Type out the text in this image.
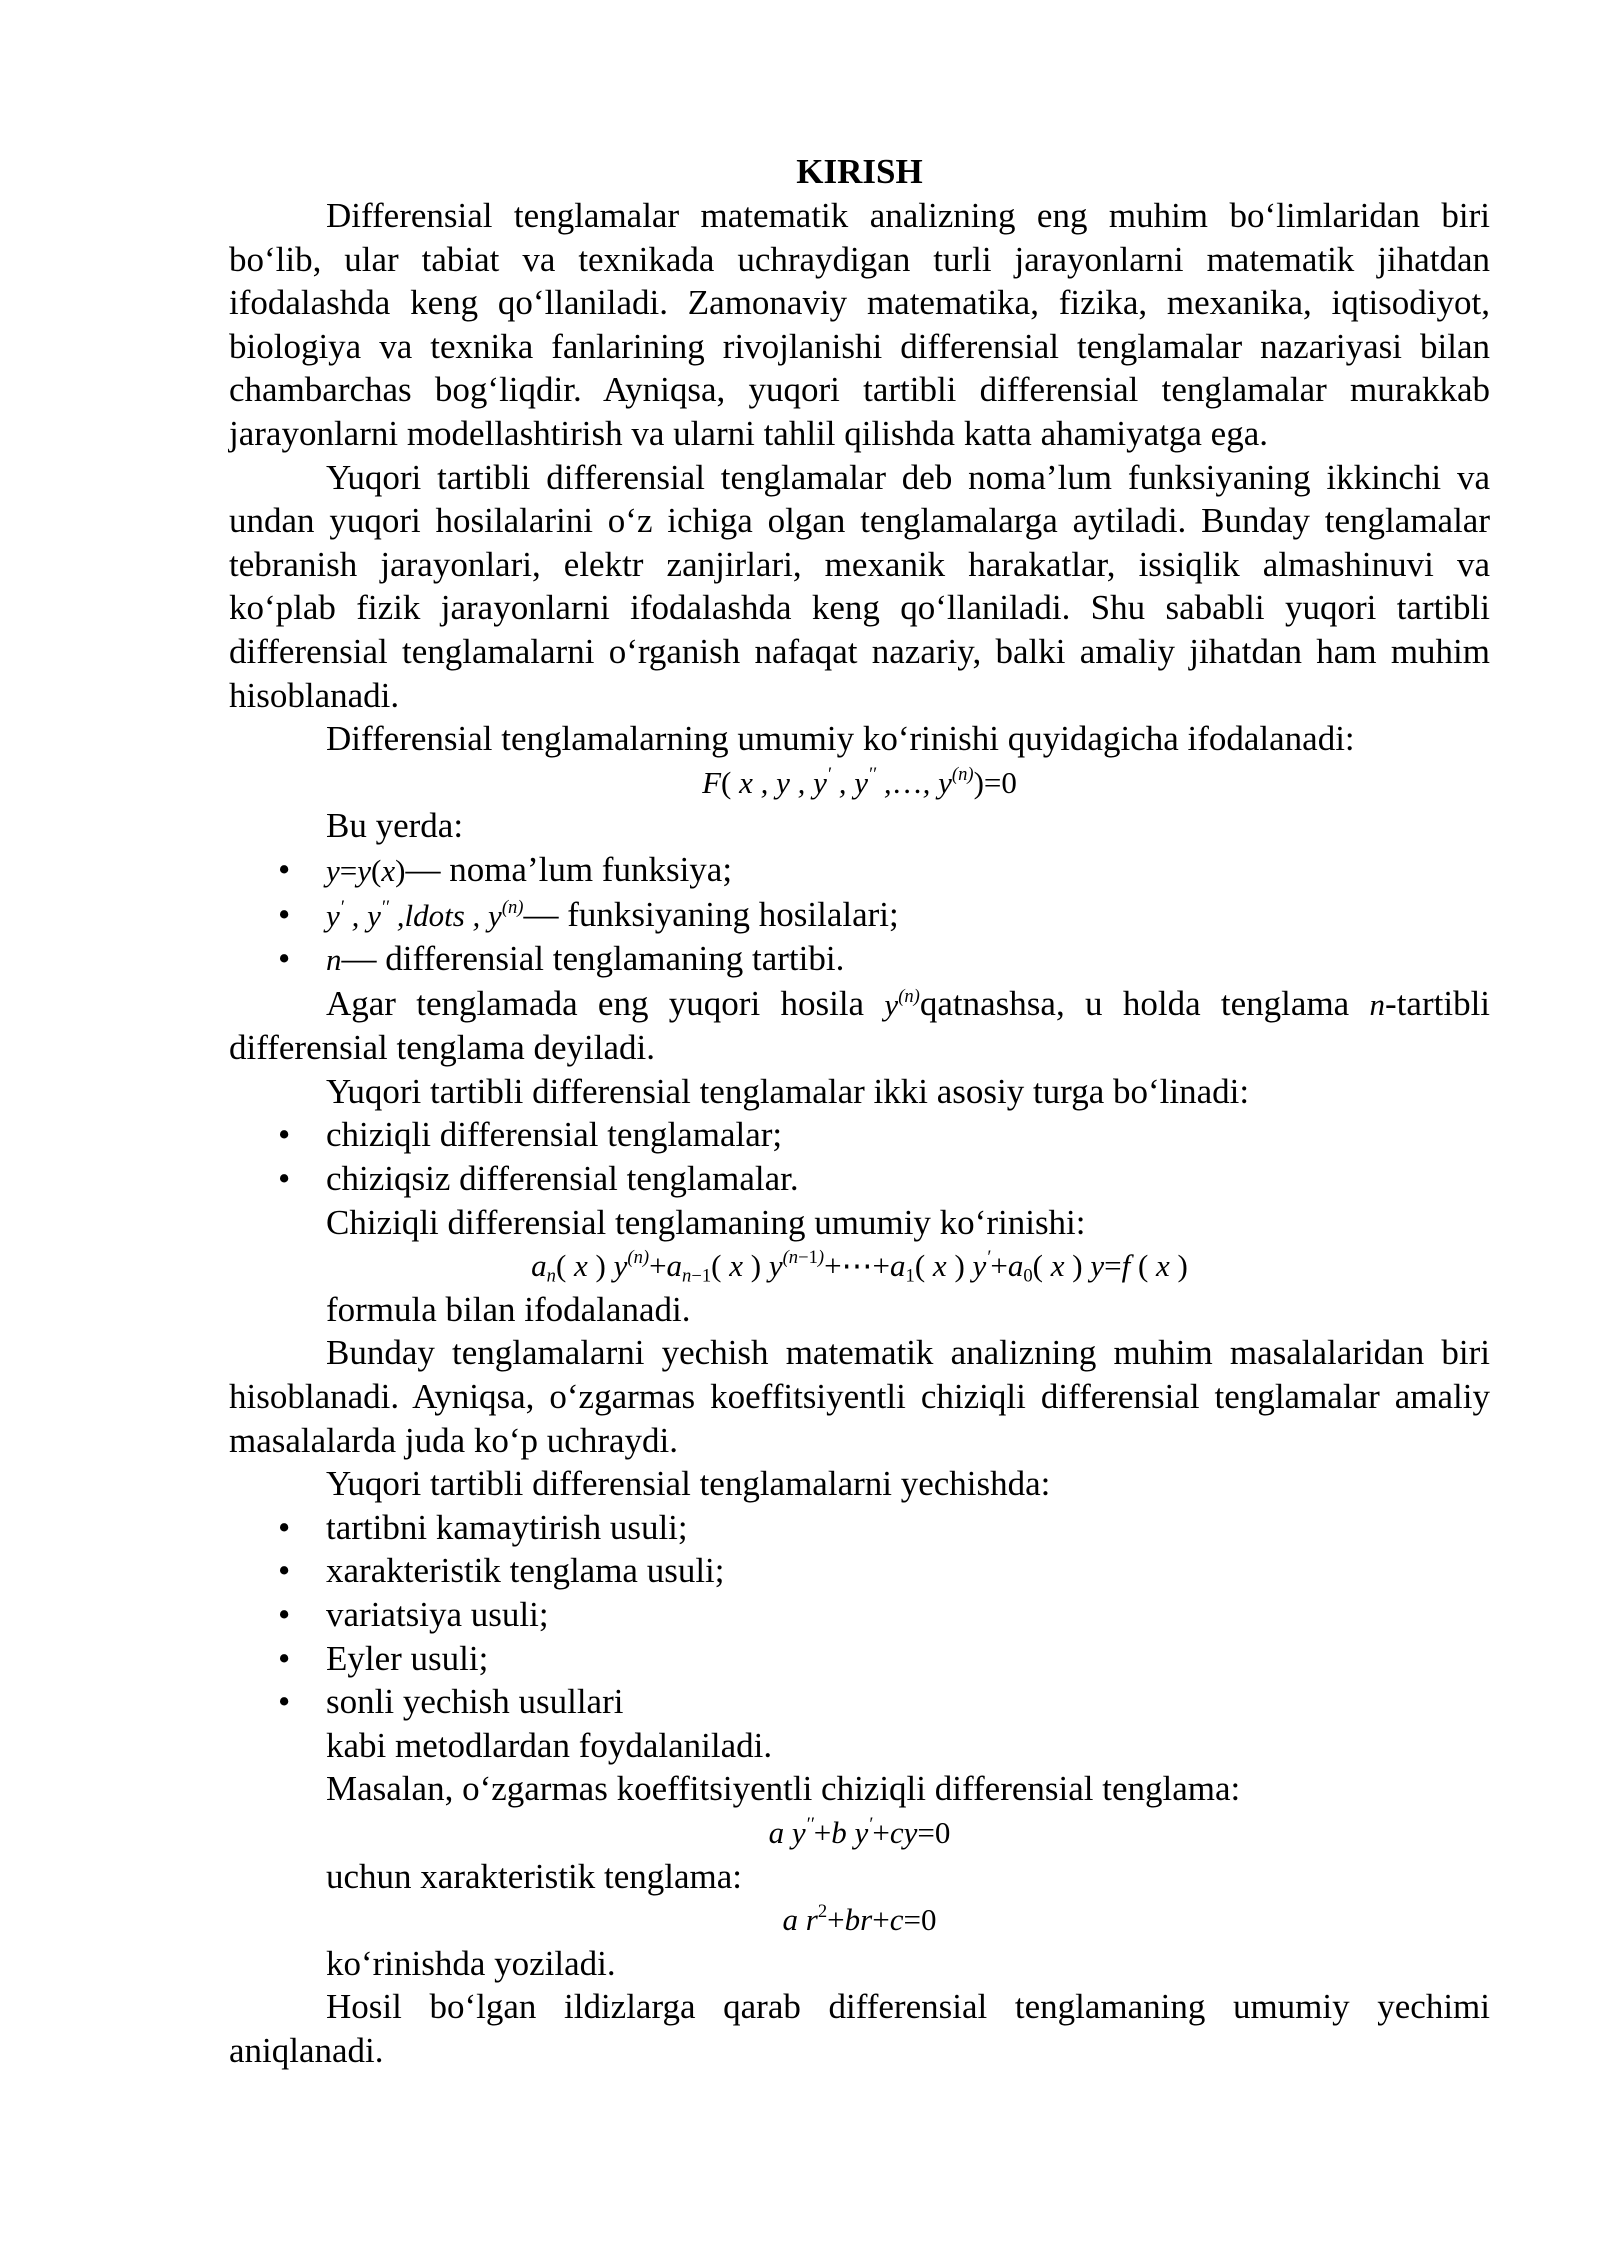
KIRISH

Differensial tenglamalar matematik analizning eng muhim bo‘limlaridan biri bo‘lib, ular tabiat va texnikada uchraydigan turli jarayonlarni matematik jihatdan ifodalashda keng qo‘llaniladi. Zamonaviy matematika, fizika, mexanika, iqtisodiyot, biologiya va texnika fanlarining rivojlanishi differensial tenglamalar nazariyasi bilan chambarchas bog‘liqdir. Ayniqsa, yuqori tartibli differensial tenglamalar murakkab jarayonlarni modellashtirish va ularni tahlil qilishda katta ahamiyatga ega.

Yuqori tartibli differensial tenglamalar deb noma’lum funksiyaning ikkinchi va undan yuqori hosilalarini o‘z ichiga olgan tenglamalarga aytiladi. Bunday tenglamalar tebranish jarayonlari, elektr zanjirlari, mexanik harakatlar, issiqlik almashinuvi va ko‘plab fizik jarayonlarni ifodalashda keng qo‘llaniladi. Shu sababli yuqori tartibli differensial tenglamalarni o‘rganish nafaqat nazariy, balki amaliy jihatdan ham muhim hisoblanadi.

Differensial tenglamalarning umumiy ko‘rinishi quyidagicha ifodalanadi:

F( x , y , y′ , y′′ ,…, $y^{(n)})=0$

Bu yerda:

• y=y(x)— noma’lum funksiya;
• y′ , y′′ ,ldots , $y^{(n)}—$ funksiyaning hosilalari;
• n— differensial tenglamaning tartibi.

Agar tenglamada eng yuqori hosila $y^{(n)}qatnashsa$, u holda tenglama n-tartibli differensial tenglama deyiladi.

Yuqori tartibli differensial tenglamalar ikki asosiy turga bo‘linadi:

• chiziqli differensial tenglamalar;
• chiziqsiz differensial tenglamalar.

Chiziqli differensial tenglamaning umumiy ko‘rinishi:

$a_n$( x ) $y^{(n)}+a_{n-1}$( x ) $y^{(n-1)}+\cdots+a_1$( x ) $y'+a_0$( x ) y=f ( x )

formula bilan ifodalanadi.

Bunday tenglamalarni yechish matematik analizning muhim masalalaridan biri hisoblanadi. Ayniqsa, o‘zgarmas koeffitsiyentli chiziqli differensial tenglamalar amaliy masalalarda juda ko‘p uchraydi.

Yuqori tartibli differensial tenglamalarni yechishda:

• tartibni kamaytirish usuli;
• xarakteristik tenglama usuli;
• variatsiya usuli;
• Eyler usuli;
• sonli yechish usullari

kabi metodlardan foydalaniladi.

Masalan, o‘zgarmas koeffitsiyentli chiziqli differensial tenglama:

a y′′+b y′+cy=0

uchun xarakteristik tenglama:

a $r^2+br+c=0$

ko‘rinishda yoziladi.

Hosil bo‘lgan ildizlarga qarab differensial tenglamaning umumiy yechimi aniqlanadi.
